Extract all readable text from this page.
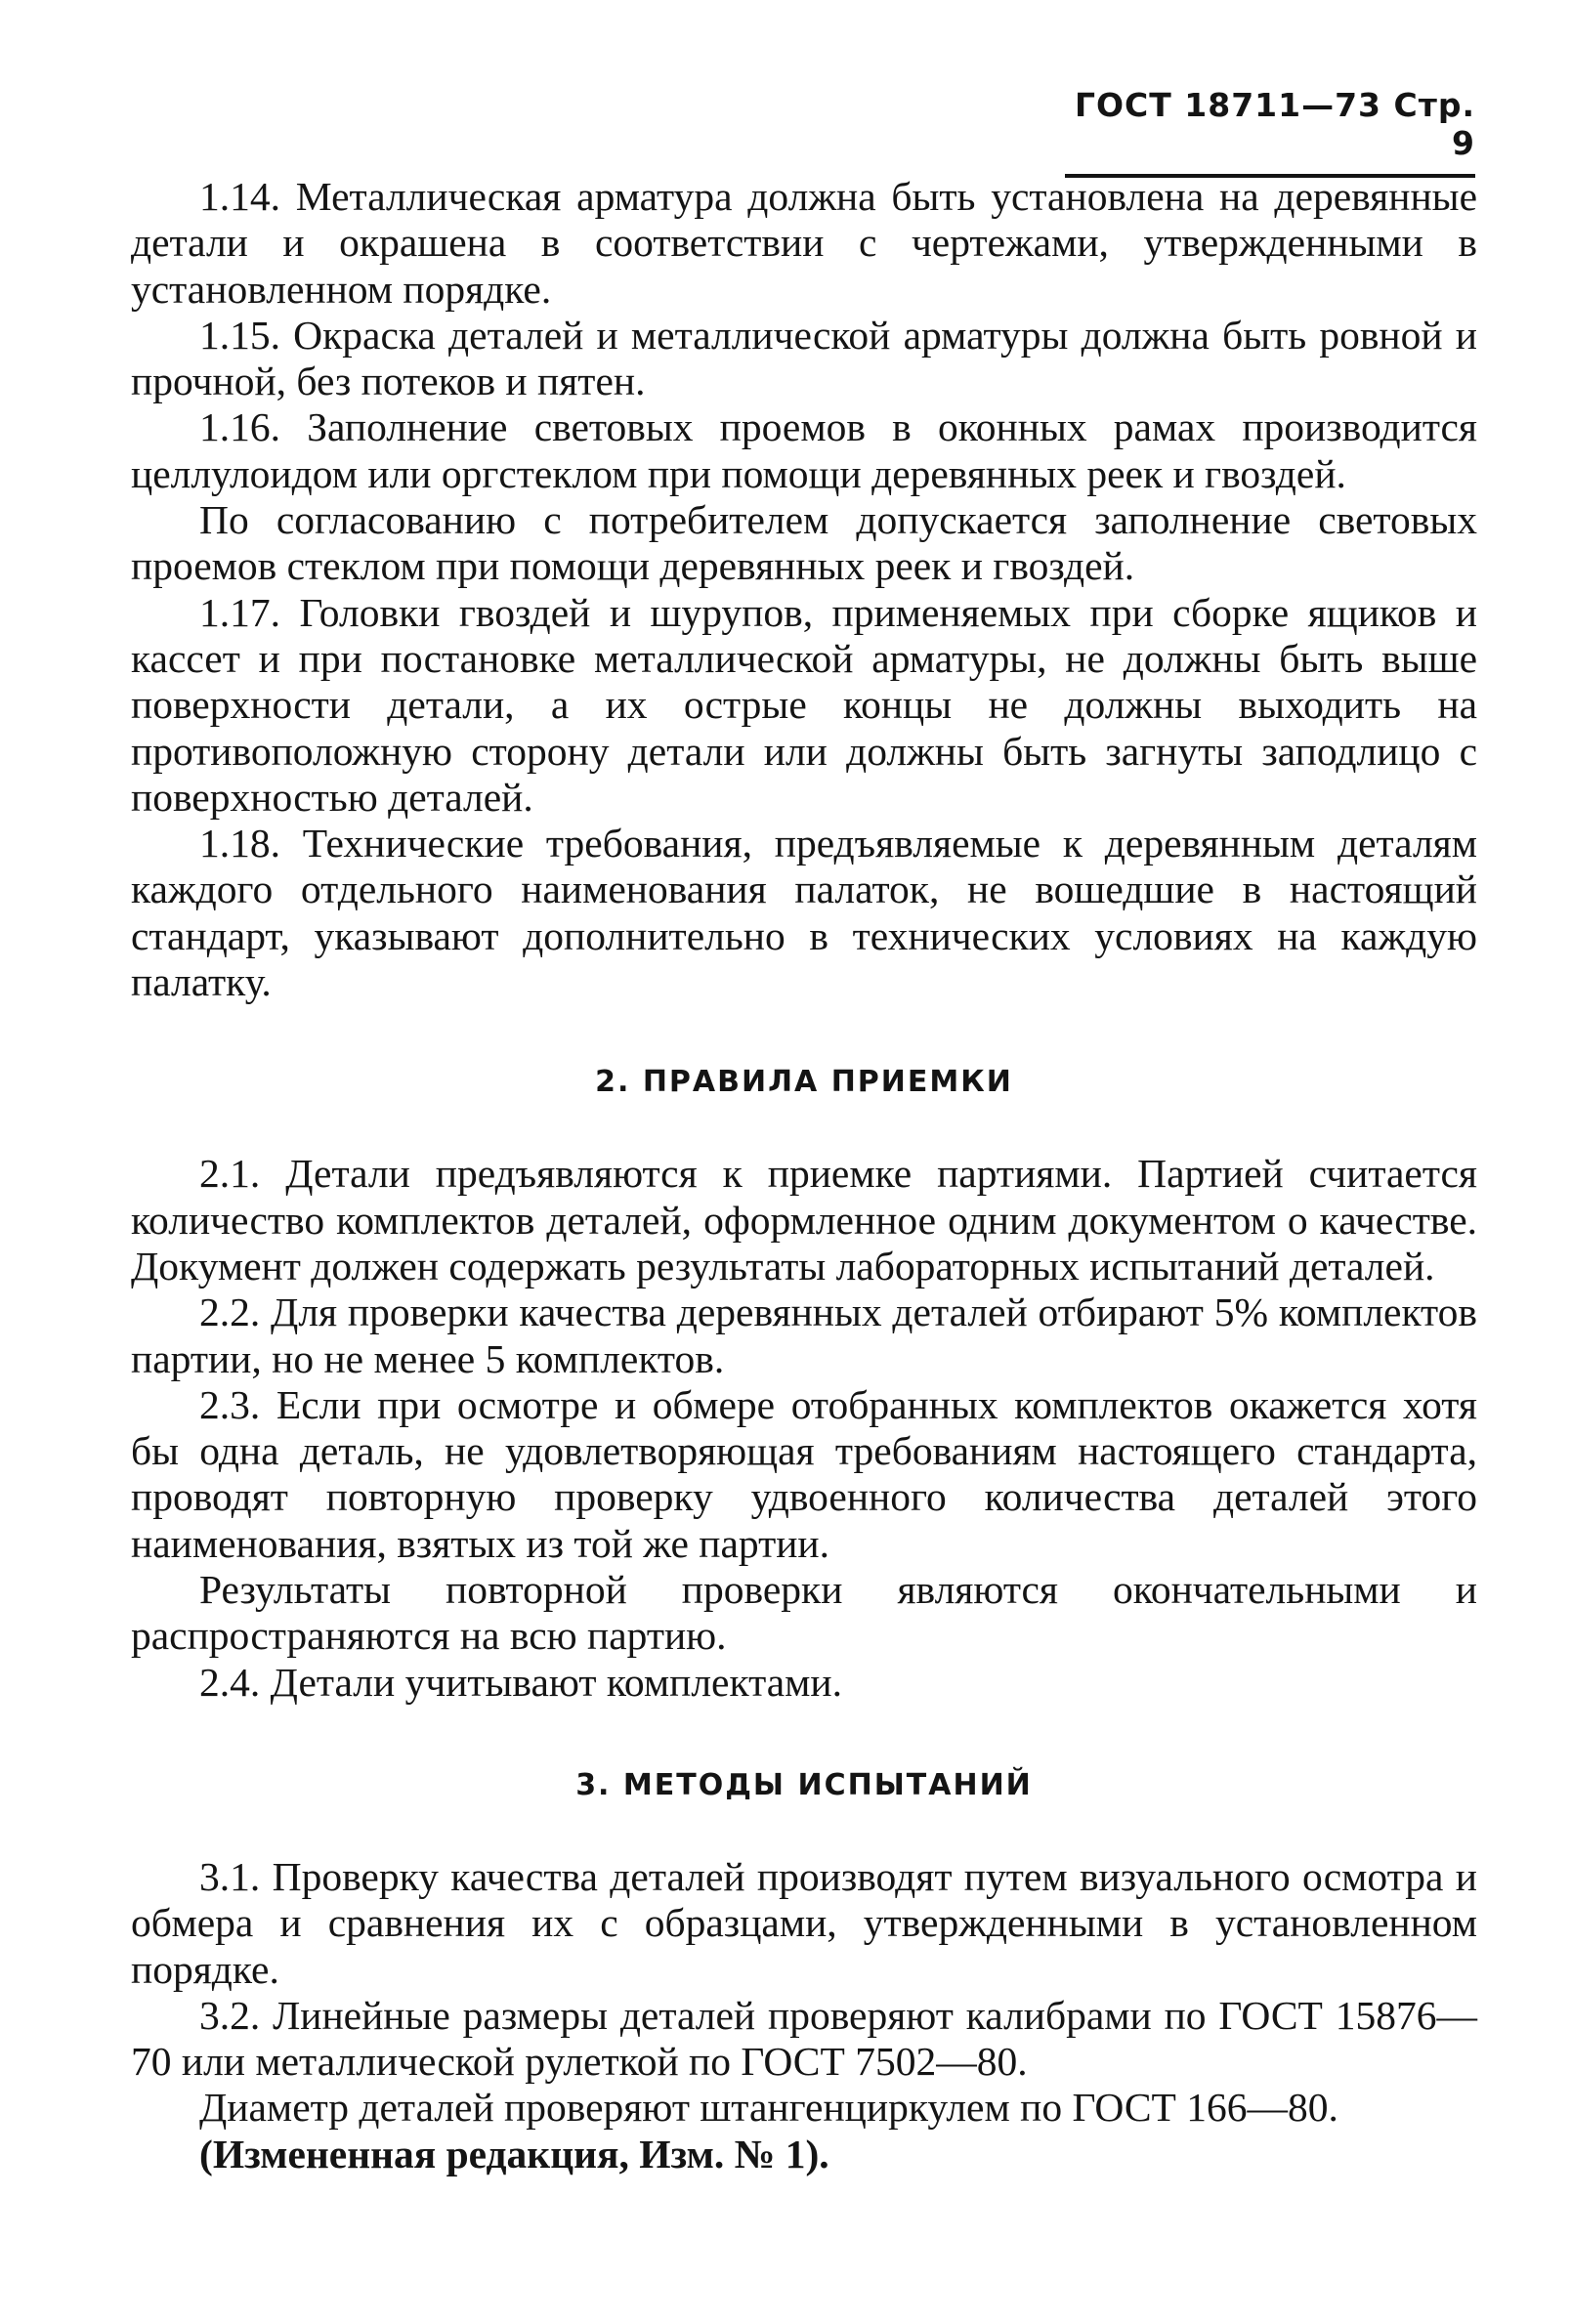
ГОСТ 18711—73 Стр. 9

1.14. Металлическая арматура должна быть установлена на деревянные детали и окрашена в соответствии с чертежами, утвержденными в установленном порядке.

1.15. Окраска деталей и металлической арматуры должна быть ровной и прочной, без потеков и пятен.

1.16. Заполнение световых проемов в оконных рамах производится целлулоидом или оргстеклом при помощи деревянных реек и гвоздей.

По согласованию с потребителем допускается заполнение световых проемов стеклом при помощи деревянных реек и гвоздей.

1.17. Головки гвоздей и шурупов, применяемых при сборке ящиков и кассет и при постановке металлической арматуры, не должны быть выше поверхности детали, а их острые концы не должны выходить на противоположную сторону детали или должны быть загнуты заподлицо с поверхностью деталей.

1.18. Технические требования, предъявляемые к деревянным деталям каждого отдельного наименования палаток, не вошедшие в настоящий стандарт, указывают дополнительно в технических условиях на каждую палатку.

2. ПРАВИЛА ПРИЕМКИ

2.1. Детали предъявляются к приемке партиями. Партией считается количество комплектов деталей, оформленное одним документом о качестве. Документ должен содержать результаты лабораторных испытаний деталей.

2.2. Для проверки качества деревянных деталей отбирают 5% комплектов партии, но не менее 5 комплектов.

2.3. Если при осмотре и обмере отобранных комплектов окажется хотя бы одна деталь, не удовлетворяющая требованиям настоящего стандарта, проводят повторную проверку удвоенного количества деталей этого наименования, взятых из той же партии.

Результаты повторной проверки являются окончательными и распространяются на всю партию.

2.4. Детали учитывают комплектами.

3. МЕТОДЫ ИСПЫТАНИЙ

3.1. Проверку качества деталей производят путем визуального осмотра и обмера и сравнения их с образцами, утвержденными в установленном порядке.

3.2. Линейные размеры деталей проверяют калибрами по ГОСТ 15876—70 или металлической рулеткой по ГОСТ 7502—80.

Диаметр деталей проверяют штангенциркулем по ГОСТ 166—80.

(Измененная редакция, Изм. № 1).
